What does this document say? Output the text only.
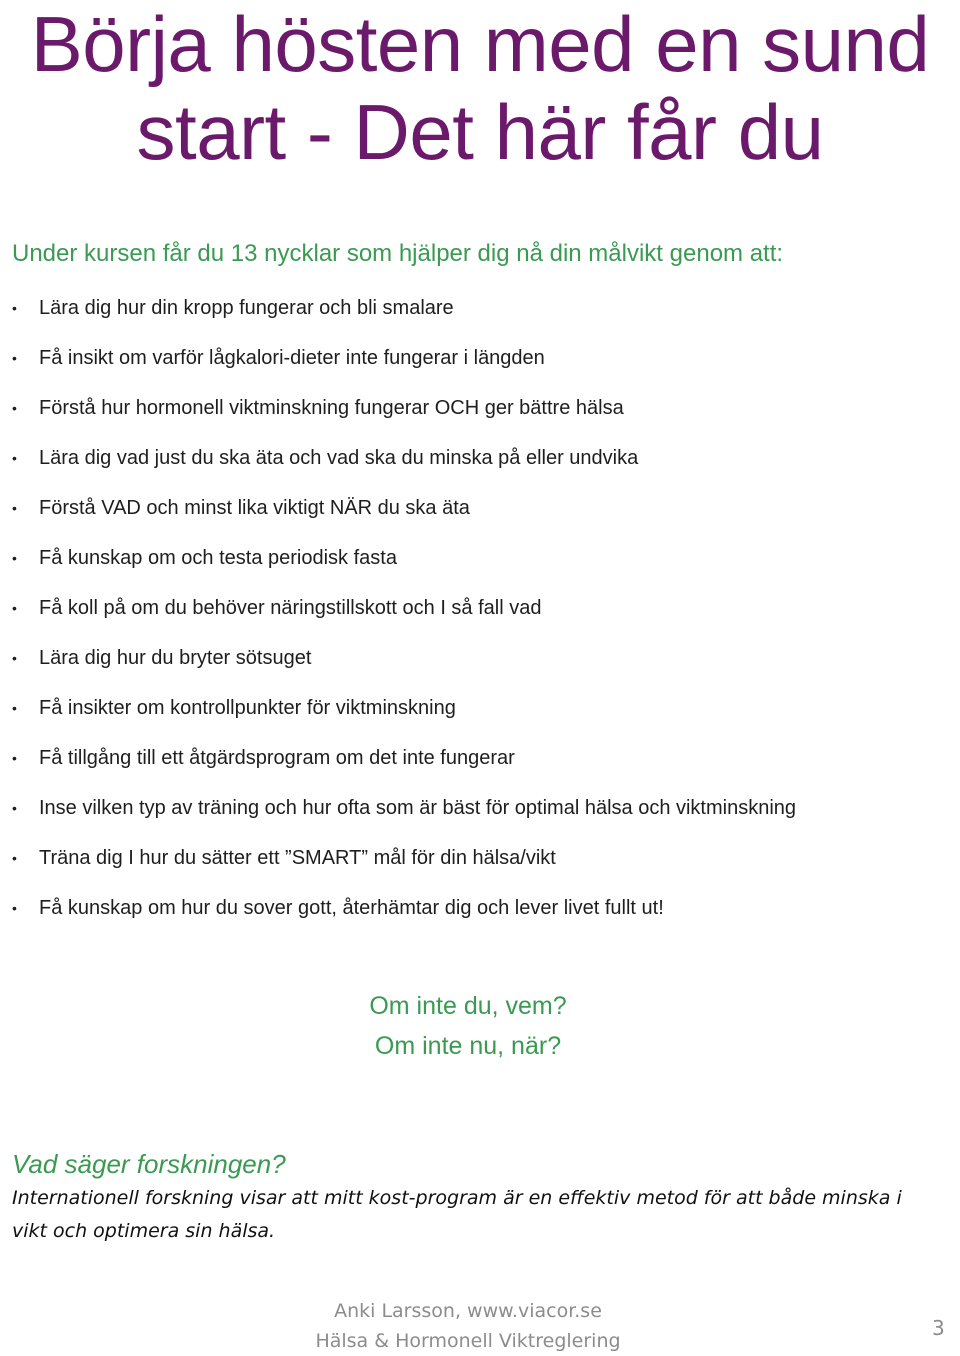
Börja hösten med en sund
start - Det här får du
Under kursen får du 13 nycklar som hjälper dig nå din målvikt genom att:
• Lära dig hur din kropp fungerar och bli smalare
• Få insikt om varför lågkalori-dieter inte fungerar i längden
• Förstå hur hormonell viktminskning fungerar OCH ger bättre hälsa
• Lära dig vad just du ska äta och vad ska du minska på eller undvika
• Förstå VAD och minst lika viktigt NÄR du ska äta
• Få kunskap om och testa periodisk fasta
• Få koll på om du behöver näringstillskott och I så fall vad
• Lära dig hur du bryter sötsuget
• Få insikter om kontrollpunkter för viktminskning
• Få tillgång till ett åtgärdsprogram om det inte fungerar
• Inse vilken typ av träning och hur ofta som är bäst för optimal hälsa och viktminskning
• Träna dig I hur du sätter ett ”SMART” mål för din hälsa/vikt
• Få kunskap om hur du sover gott, återhämtar dig och lever livet fullt ut!

Om inte du, vem?

Om inte nu, när?

Vad säger forskningen?

Internationell forskning visar att mitt kost-program är en effektiv metod för att både minska i vikt och optimera sin hälsa.

Anki Larsson, www.viacor.se
Hälsa & Hormonell Viktreglering
3
